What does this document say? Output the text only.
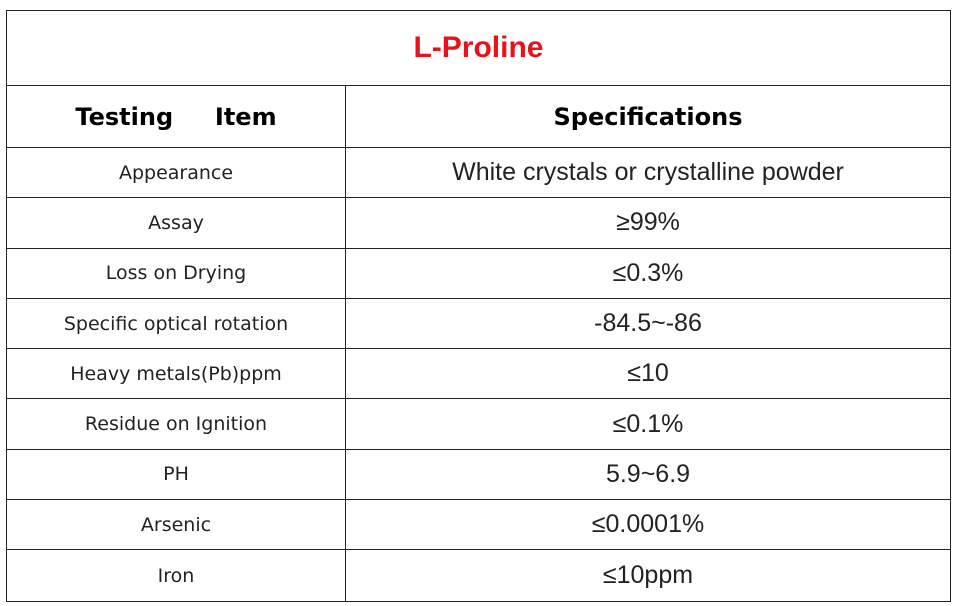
L-Proline
Testing     Item	Specifications
Appearance	White crystals or crystalline powder
Assay	≥99%
Loss on Drying	≤0.3%
Specific optical rotation	-84.5~-86
Heavy metals(Pb)ppm	≤10
Residue on Ignition	≤0.1%
PH	5.9~6.9
Arsenic	≤0.0001%
Iron	≤10ppm
